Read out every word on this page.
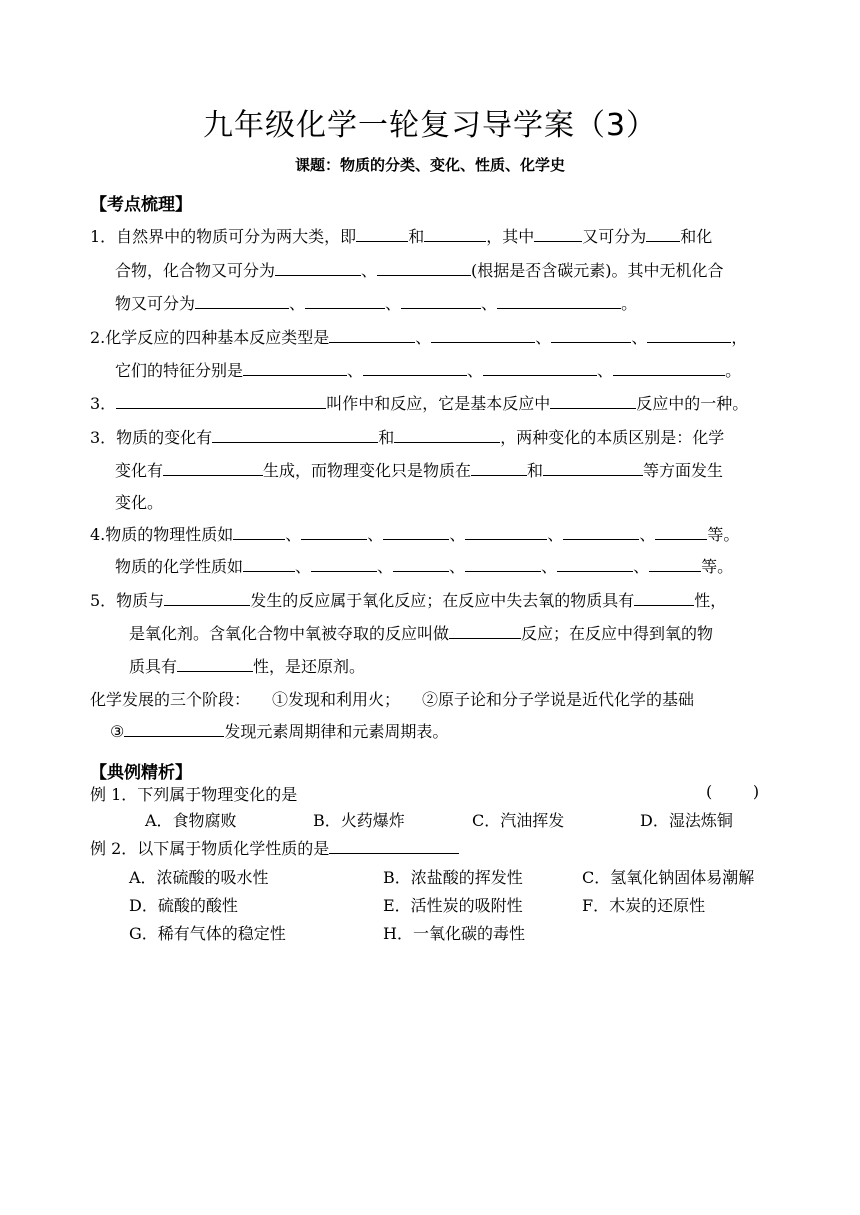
九年级化学一轮复习导学案（3）
课题：物质的分类、变化、性质、化学史
【考点梳理】
1．自然界中的物质可分为两大类，即	和	，其中	又可分为 和化
合物，化合物又可分为	、	(根据是否含碳元素)。其中无机化合
物又可分为	、	、	、	。
2.化学反应的四种基本反应类型是	、	、	、	，
它们的特征分别是	、	、	、	。
3．	叫作中和反应，它是基本反应中	反应中的一种。
3．物质的变化有	和	，两种变化的本质区别是：化学
变化有	生成，而物理变化只是物质在	和	等方面发生
变化。
4.物质的物理性质如	、	、	、	、	、	等。
物质的化学性质如	、	、	、	、	、	等。
5．物质与	发生的反应属于氧化反应；在反应中失去氧的物质具有	性，
是氧化剂。含氧化合物中氧被夺取的反应叫做	反应；在反应中得到氧的物
质具有	性，是还原剂。
化学发展的三个阶段： ①发现和利用火； ②原子论和分子学说是近代化学的基础
③	发现元素周期律和元素周期表。
【典例精析】
例 1．下列属于物理变化的是	(        )
A．食物腐败	B．火药爆炸	C．汽油挥发	D．湿法炼铜
例 2．以下属于物质化学性质的是
A．浓硫酸的吸水性	B．浓盐酸的挥发性	C．氢氧化钠固体易潮解
D．硫酸的酸性	E．活性炭的吸附性	F．木炭的还原性
G．稀有气体的稳定性	H．一氧化碳的毒性
